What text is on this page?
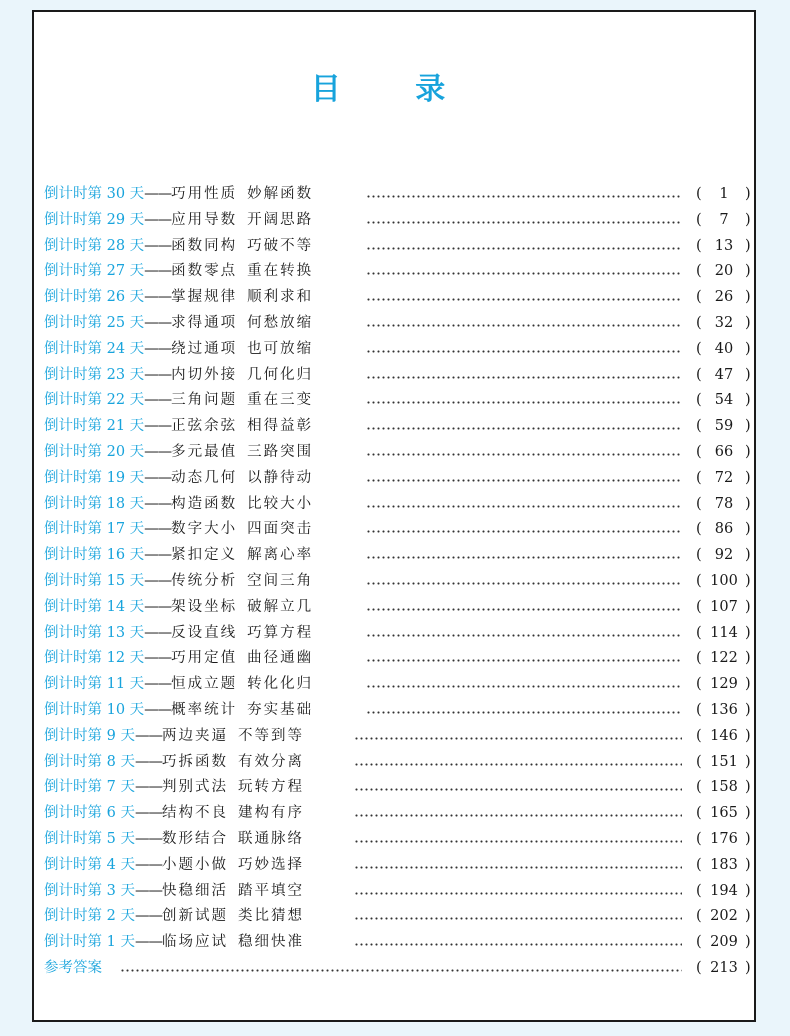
目 录
倒计时第 30 天——巧用性质 妙解函数	(	1	)
倒计时第 29 天——应用导数 开阔思路	(	7	)
倒计时第 28 天——函数同构 巧破不等	( 13 )
倒计时第 27 天——函数零点 重在转换	( 20 )
倒计时第 26 天——掌握规律 顺利求和	( 26 )
倒计时第 25 天——求得通项 何愁放缩	( 32 )
倒计时第 24 天——绕过通项 也可放缩	( 40 )
倒计时第 23 天——内切外接 几何化归	( 47 )
倒计时第 22 天——三角问题 重在三变	( 54 )
倒计时第 21 天——正弦余弦 相得益彰	( 59 )
倒计时第 20 天——多元最值 三路突围	( 66 )
倒计时第 19 天——动态几何 以静待动	( 72 )
倒计时第 18 天——构造函数 比较大小	( 78 )
倒计时第 17 天——数字大小 四面突击	( 86 )
倒计时第 16 天——紧扣定义 解离心率	( 92 )
倒计时第 15 天——传统分析 空间三角	( 100 )
倒计时第 14 天——架设坐标 破解立几	( 107 )
倒计时第 13 天——反设直线 巧算方程	( 114 )
倒计时第 12 天——巧用定值 曲径通幽	( 122 )
倒计时第 11 天——恒成立题 转化化归	( 129 )
倒计时第 10 天——概率统计 夯实基础	( 136 )
倒计时第 9 天——两边夹逼 不等到等	( 146 )
倒计时第 8 天——巧拆函数 有效分离	( 151 )
倒计时第 7 天——判别式法 玩转方程	( 158 )
倒计时第 6 天——结构不良 建构有序	( 165 )
倒计时第 5 天——数形结合 联通脉络	( 176 )
倒计时第 4 天——小题小做 巧妙选择	( 183 )
倒计时第 3 天——快稳细活 踏平填空	( 194 )
倒计时第 2 天——创新试题 类比猜想	( 202 )
倒计时第 1 天——临场应试 稳细快准	( 209 )
参考答案	( 213 )
